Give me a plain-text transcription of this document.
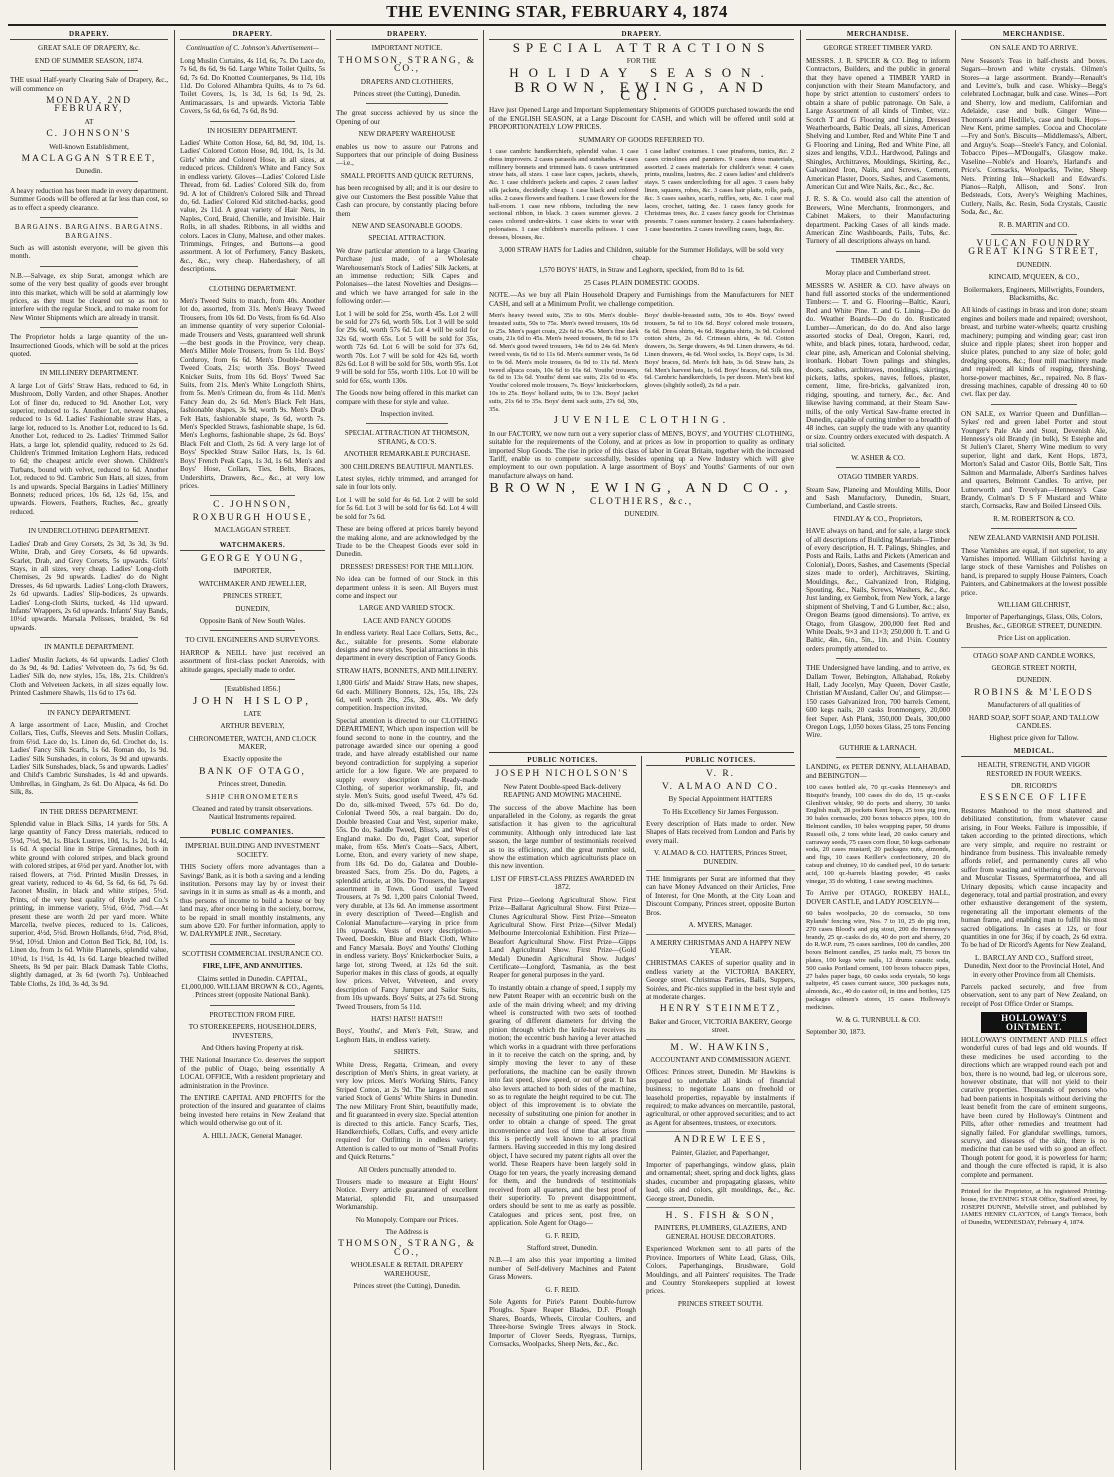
THE EVENING STAR, FEBRUARY 4, 1874
DRAPERY.

GREAT SALE OF DRAPERY, &c.

END OF SUMMER SEASON, 1874.

THE usual Half-yearly Clearing Sale of Drapery, &c., will commence on

MONDAY, 2ND FEBRUARY,

AT

C. JOHNSON'S

Well-known Establishment,

MACLAGGAN STREET,

Dunedin.

A heavy reduction has been made in every department. Summer Goods will be offered at far less than cost, so as to effect a speedy clearance.

BARGAINS. BARGAINS. BARGAINS. BARGAINS.

Such as will astonish everyone, will be given this month.

N.B.—Salvage, ex ship Surat, amongst which are some of the very best quality of goods ever brought into this market, which will be sold at alarmingly low prices, as they must be cleared out so as not to interfere with the regular Stock, and to make room for New Winter Shipments which are already in transit.

The Proprietor holds a large quantity of the un-Insurrectioned Goods, which will be sold at the prices quoted.

IN MILLINERY DEPARTMENT.

A large Lot of Girls' Straw Hats, reduced to 6d, in Mushroom, Dolly Varden, and other Shapes. Another Lot of finer do, reduced to 9d. Another Lot, very superior, reduced to 1s. Another Lot, newest shapes, reduced to 1s 6d. Ladies' Fashionable straw Hats, a large lot, reduced to 1s. Another Lot, reduced to 1s 6d. Another Lot, reduced to 2s. Ladies' Trimmed Sailor Hats, a large lot, splendid quality, reduced to 2s 6d. Children's Trimmed Imitation Leghorn Hats, reduced to 6d; the cheapest article ever shown. Children's Turbans, bound with velvet, reduced to 6d. Another Lot, reduced to 9d. Cambric Sun Hats, all sizes, from 1s and upwards. Special Bargains in Ladies' Millinery Bonnets; reduced prices, 10s 6d, 12s 6d, 15s, and upwards. Flowers, Feathers, Ruches, &c., greatly reduced.

IN UNDERCLOTHING DEPARTMENT.

Ladies' Drab and Grey Corsets, 2s 3d, 3s 3d, 3s 9d. White, Drab, and Grey Corsets, 4s 6d upwards. Scarlet, Drab, and Grey Corsets, 5s upwards. Girls' Stays, in all sizes, very cheap. Ladies' Long-cloth Chemises, 2s 9d upwards. Ladies' do do Night Dresses, 4s 6d upwards. Ladies' Long-cloth Drawers, 2s 6d upwards. Ladies' Slip-bodices, 2s upwards. Ladies' Long-cloth Skirts, tucked, 4s 11d upward. Infants' Wrappers, 2s 6d upwards. Infants' Stay Bands, 10½d upwards. Marsala Pelisses, braided, 9s 6d upwards.

IN MANTLE DEPARTMENT.

Ladies' Muslin Jackets, 4s 6d upwards. Ladies' Cloth do 3s 9d, 4s 9d. Ladies' Velveteen do, 7s 6d, 9s 6d. Ladies' Silk do, new styles, 15s, 18s, 21s. Children's Cloth and Velveteen Jackets, in all sizes equally low. Printed Cashmere Shawls, 11s 6d to 17s 6d.

IN FANCY DEPARTMENT.

A large assortment of Lace, Muslin, and Crochet Collars, Ties, Cuffs, Sleeves and Sets. Muslin Collars, from 6½d. Lace do, 1s. Linen do, 6d. Crochet do, 1s. Ladies' Fancy Silk Scarfs, 1s 6d. Roman do, 1s 9d. Ladies' Silk Sunshades, in colors, 3s 9d and upwards. Ladies' Silk Sunshades, black, 5s and upwards. Ladies' and Child's Cambric Sunshades, 1s 4d and upwards. Umbrellas, in Gingham, 2s 6d. Do Alpaca, 4s 6d. Do Silk, 8s.

IN THE DRESS DEPARTMENT.

Splendid value in Black Silks, 14 yards for 50s. A large quantity of Fancy Dress materials, reduced to 5½d, 7½d, 9d, 1s. Black Lustres, 10d, 1s, 1s 2d, 1s 4d, 1s 6d. A special line in Stripe Grenadines, both in white ground with colored stripes, and black ground with colored stripes, at 6½d per yard. Another lot, with raised flowers, at 7½d. Printed Muslin Dresses, in great variety, reduced to 4s 6d, 5s 6d, 6s 6d, 7s 6d. Jaconet Muslin, in black and white stripes, 5½d. Prints, of the very best quality of Hoyle and Co.'s printing, in immense variety, 5½d, 6½d, 7½d.—At present these are worth 2d per yard more. White Marcella, twelve pieces, reduced to 1s. Calicoes, superior, 4½d, 5½d. Brown Hollands, 6½d, 7½d, 8½d, 9½d, 10½d. Union and Cotton Bed Tick, 8d, 10d, 1s. Linen do, from 1s 6d. White Flannels, splendid value, 10½d, 1s 1½d, 1s 4d, 1s 6d. Large bleached twilled Sheets, 8s 9d per pair. Black Damask Table Cloths, slightly damaged, at 3s 6d (worth 7s). Unbleached Table Cloths, 2s 10d, 3s 4d, 3s 9d.

DRAPERY.

Continuation of C. Johnson's Advertisement—

Long Muslin Curtains, 4s 11d, 6s, 7s. Do Lace do, 7s 6d, 8s 6d, 9s 6d. Large White Toilet Quilts, 5s 6d, 7s 6d. Do Knotted Counterpanes, 9s 11d, 10s 11d. Do Colored Alhambra Quilts, 4s to 7s 6d. Toilet Covers, 1s, 1s 3d, 1s 6d, 1s 9d, 2s. Antimacassars, 1s and upwards. Victoria Table Covers, 5s 6d, 6s 6d, 7s 6d, 8s 9d.

IN HOSIERY DEPARTMENT.

Ladies' White Cotton Hose, 6d, 8d, 9d, 10d, 1s. Ladies' Colored Cotton Hose, 8d, 10d, 1s, 1s 3d. Girls' white and Colored Hose, in all sizes, at reduced prices. Children's White and Fancy Sox in endless variety. Gloves—Ladies' Colored Lisle Thread, from 6d. Ladies' Colored Silk do, from 9d. A lot of Children's Colored Silk and Thread do, 6d. Ladies' Colored Kid stitched-backs, good value, 2s 11d. A great variety of Hair Nets, in Naples, Cord, Braid, Chenille, and Invisible. Hair Rolls, in all shades. Ribbons, in all widths and colors. Laces in Cluny, Maltese, and other makes. Trimmings, Fringes, and Buttons—a good assortment. A lot of Perfumery, Fancy Baskets, &c., &c., very cheap. Haberdashery, of all descriptions.

CLOTHING DEPARTMENT.

Men's Tweed Suits to match, from 40s. Another lot do, assorted, from 31s. Men's Heavy Tweed Trousers, from 10s 6d. Do Vests, from 6s 6d. Also an immense quantity of very superior Colonial-made Trousers and Vests, guaranteed well shrunk—the best goods in the Province, very cheap. Men's Miller Mole Trousers, from 5s 11d. Boys' Corduroy, from 6s 6d. Men's Double-breasted Tweed Coats, 21s; worth 35s. Boys' Tweed Knicker Suits, from 10s 6d. Boys' Tweed Sac Suits, from 21s. Men's White Longcloth Shirts, from 5s. Men's Crimean do, from 4s 11d. Men's Fancy Jean do, 2s 6d. Men's Black Felt Hats, fashionable shapes, 3s 9d, worth 9s. Men's Drab Felt Hats, fashionable shape, 3s 6d, worth 7s. Men's Speckled Straws, fashionable shape, 1s 6d. Men's Leghorns, fashionable shape, 2s 6d. Boys' Black Felt and Cloth, 2s 6d. A very large lot of Boys' Speckled Straw Sailor Hats, 1s, 1s 6d. Boys' French Peak Caps, 1s 3d, 1s 6d. Men's and Boys' Hose, Collars, Ties, Belts, Braces, Undershirts, Drawers, &c., &c., at very low prices.

C. JOHNSON,

ROXBURGH HOUSE,

MACLAGGAN STREET.

WATCHMAKERS.

GEORGE YOUNG,

IMPORTER,

WATCHMAKER AND JEWELLER,

PRINCES STREET,

DUNEDIN,

Opposite Bank of New South Wales.

TO CIVIL ENGINEERS AND SURVEYORS.

HARROP & NEILL have just received an assortment of first-class pocket Aneroids, with altitude gauges, specially made to order.

[Established 1856.]

JOHN HISLOP,

LATE

ARTHUR BEVERLY,

CHRONOMETER, WATCH, AND CLOCK MAKER,

Exactly opposite the

BANK OF OTAGO,

Princes street, Dunedin.

SHIP CHRONOMETERS

Cleaned and rated by transit observations. Nautical Instruments repaired.

PUBLIC COMPANIES.

IMPERIAL BUILDING AND INVESTMENT SOCIETY.

THIS Society offers more advantages than a Savings' Bank, as it is both a saving and a lending institution. Persons may lay by or invest their savings in it in sums as small as 4s a month, and thus persons of income to build a house or buy land may, after once being in the society, borrow, to be repaid in small monthly instalments, any sum above £20. For further information, apply to W. DALRYMPLE JNR., Secretary.

SCOTTISH COMMERCIAL INSURANCE CO.

FIRE, LIFE, AND ANNUITIES.

Claims settled in Dunedin. CAPITAL, £1,000,000. WILLIAM BROWN & CO., Agents, Princes street (opposite National Bank).

PROTECTION FROM FIRE.

TO STOREKEEPERS, HOUSEHOLDERS, INVESTERS,

And Others having Property at risk.

THE National Insurance Co. deserves the support of the public of Otago, being essentially A LOCAL OFFICE, With a resident proprietary and administration in the Province.

The ENTIRE CAPITAL AND PROFITS for the protection of the insured and guarantee of claims being invested here retains in New Zealand that which would otherwise go out of it.

A. HILL JACK, General Manager.

DRAPERY.

IMPORTANT NOTICE.

THOMSON, STRANG, & CO.,

DRAPERS AND CLOTHIERS,

Princes street (the Cutting), Dunedin.

The great success achieved by us since the Opening of our

NEW DRAPERY WAREHOUSE

enables us now to assure our Patrons and Supporters that our principle of doing Business—i.e.,

SMALL PROFITS AND QUICK RETURNS,

has been recognised by all; and it is our desire to give our Customers the Best possible Value that Cash can procure, by constantly placing before them

NEW AND SEASONABLE GOODS.

SPECIAL ATTRACTION.

We draw particular attention to a large Clearing Purchase just made, of a Wholesale Warehouseman's Stock of Ladies' Silk Jackets, at an immense reduction; Silk Capes and Polonaises—the latest Novelties and Designs—and which we have arranged for sale in the following order:—

Lot 1 will be sold for 25s, worth 45s. Lot 2 will be sold for 27s 6d, worth 50s. Lot 3 will be sold for 29s 6d, worth 57s 6d. Lot 4 will be sold for 32s 6d, worth 65s. Lot 5 will be sold for 35s, worth 72s 6d. Lot 6 will be sold for 37s 6d, worth 70s. Lot 7 will be sold for 42s 6d, worth 82s 6d. Lot 8 will be sold for 50s, worth 95s. Lot 9 will be sold for 55s, worth 110s. Lot 10 will be sold for 65s, worth 130s.

The Goods now being offered in this market can compare with these for style and value.

Inspection invited.

SPECIAL ATTRACTION AT THOMSON, STRANG, & CO.'S.

ANOTHER REMARKABLE PURCHASE.

300 CHILDREN'S BEAUTIFUL MANTLES.

Latest styles, richly trimmed, and arranged for sale in four lots only.

Lot 1 will be sold for 4s 6d. Lot 2 will be sold for 5s 6d. Lot 3 will be sold for 6s 6d. Lot 4 will be sold for 7s 6d.

These are being offered at prices barely beyond the making alone, and are acknowledged by the Trade to be the Cheapest Goods ever sold in Dunedin.

DRESSES! DRESSES! FOR THE MILLION.

No idea can be formed of our Stock in this department unless it is seen. All Buyers must come and inspect our

LARGE AND VARIED STOCK.

LACE AND FANCY GOODS

In endless variety. Real Lace Collars, Setts, &c., &c., suitable for presents. Some elaborate designs and new styles. Special attractions in this department in every description of Fancy Goods.

STRAW HATS, BONNETS, AND MILLINERY.

1,800 Girls' and Maids' Straw Hats, new shapes, 6d each. Millinery Bonnets, 12s, 15s, 18s, 22s 6d, well worth 20s, 25s, 30s, 40s. We defy competition. Inspection invited.

Special attention is directed to our CLOTHING DEPARTMENT, Which upon inspection will be found second to none in the country, and the patronage awarded since our opening a good trade, and have already established our name beyond contradiction for supplying a superior article for a low figure. We are prepared to supply every description of Ready-made Clothing, of superior workmanship, fit, and style. Men's Suits, good useful Tweed, 47s 6d. Do do, silk-mixed Tweed, 57s 6d. Do do, Colonial Tweed 50s, a real bargain. Do do, Double breasted Coat and Vest, superior make, 55s. Do do, Saddle Tweed, Bliss's, and West of England make. Do do, Paget Coat, superior make, from 65s. Men's Coats—Sacs, Albert, Lorne, Eton, and every variety of new shape, from 18s 6d. Do do, Galatea and Double-breasted Sacs, from 25s. Do do, Pagets, a splendid article, at 30s. Do Trousers, the largest assortment in Town. Good useful Tweed Trousers, at 7s 9d. 1,200 pairs Colonial Tweed, very durable, at 13s 6d. An immense assortment in every description of Tweed—English and Colonial Manufacture—varying in price from 10s upwards. Vests of every description—Tweed, Doeskin, Blue and Black Cloth, White and Fancy Marsala. Boys' and Youths' Clothing in endless variety. Boys' Knickerbocker Suits, a large lot, strong Tweed, at 12s 6d the suit. Superior makes in this class of goods, at equally low prices. Velvet, Velveteen, and every description of Fancy Jumper and Sailor Suits, from 10s upwards. Boys' Suits, at 27s 6d. Strong Tweed Trousers, from 5s 11d.

HATS! HATS!! HATS!!!

Boys', Youths', and Men's Felt, Straw, and Leghorn Hats, in endless variety.

SHIRTS.

White Dress, Regatta, Crimean, and every description of Men's Shirts, in great variety, at very low prices. Men's Working Shirts, Fancy Striped Cotton, at 2s 9d. The largest and most varied Stock of Gents' White Shirts in Dunedin. The new Military Front Shirt, beautifully made, and fit guaranteed in every size. Special attention is directed to this article. Fancy Scarfs, Ties, Handkerchiefs, Collars, Cuffs, and every article required for Outfitting in endless variety. Attention is called to our motto of "Small Profits and Quick Returns."

All Orders punctually attended to.

Trousers made to measure at Eight Hours' Notice. Every article guaranteed of excellent Material, splendid Fit, and unsurpassed Workmanship.

No Monopoly. Compare our Prices.

The Address is

THOMSON, STRANG, & CO.,

WHOLESALE & RETAIL DRAPERY WAREHOUSE,

Princes street (the Cutting), Dunedin.

DRAPERY.

SPECIAL ATTRACTIONS

FOR THE

HOLIDAY SEASON.

BROWN, EWING, AND CO.

Have just Opened Large and Important Supplementary Shipments of GOODS purchased towards the end of the ENGLISH SEASON, at a Large Discount for CASH, and which will be offered until sold at PROPORTIONATELY LOW PRICES.

SUMMARY OF GOODS REFERRED TO.

1 case cambric handkerchiefs, splendid value. 1 case dress improvers. 2 cases parasols and sunshades. 4 cases millinery bonnets and trimmed hats. 6 cases untrimmed straw hats, all sizes. 1 case lace capes, jackets, shawls, &c. 1 case children's jackets and capes. 2 cases ladies' silk jackets, decidedly cheap. 1 case black and colored silks. 2 cases flowers and feathers. 1 case flowers for the ball-room. 1 case new ribbons, including the new sectional ribbon, in black. 3 cases summer gloves. 2 cases colored under-skirts. 1 case skirts to wear with polonaises. 1 case children's marcella pelisses. 1 case dresses, blouses, &c.
1 case ladies' costumes. 1 case pinafores, tunics, &c. 2 cases crinolines and panniers. 9 cases dress materials, assorted. 2 cases materials for children's wear. 4 cases prints, muslins, lustres, &c. 2 cases ladies' and children's stays. 5 cases underclothing for all ages. 3 cases baby linen, squares, robes, &c. 3 cases hair plaits, rolls, pads, &c. 3 cases sashes, scarfs, ruffles, sets, &c. 1 case real laces, crochet, tatting, &c. 1 cases fancy goods for Christmas trees, &c. 2 cases fancy goods for Christmas presents. 7 cases summer hosiery. 2 cases haberdashery. 1 case bassinettes. 2 cases travelling cases, bags, &c.

3,000 STRAW HATS for Ladies and Children, suitable for the Summer Holidays, will be sold very cheap.

1,570 BOYS' HATS, in Straw and Leghorn, speckled, from 8d to 1s 6d.

25 Cases PLAIN DOMESTIC GOODS.

NOTE.—As we buy all Plain Household Drapery and Furnishings from the Manufacturers for NET CASH, and sell at a Minimum Profit, we challenge competition.

Men's heavy tweed suits, 35s to 60s. Men's double-breasted suits, 50s to 75s. Men's tweed trousers, 10s 6d to 25s. Men's paget coats, 22s 6d to 45s. Men's fine dark coats, 21s 6d to 45s. Men's tweed trousers, 8s 6d to 17s 6d. Men's good tweed trousers, 14s 6d to 24s 6d. Men's tweed vests, 6s 6d to 11s 6d. Men's summer vests, 5s 6d to 9s 6d. Men's mole trousers, 6s 9d to 11s 6d. Men's tweed alpaca coats, 10s 6d to 16s 6d. Youths' trousers, 6s 6d to 13s 6d. Youths' demi sac suits, 21s 6d to 45s. Youths' colored mole trousers, 7s. Boys' knickerbockers, 10s to 25s. Boys' holland suits, 9s to 13s. Boys' jacket suits, 21s 6d to 35s. Boys' demi sack suits, 27s 6d, 30s, 35s.
Boys' double-breasted suits, 30s to 40s. Boys' tweed trousers, 5s 6d to 10s 6d. Boys' colored mole trousers, 6s 6d. Dress shirts, 4s 6d. Regatta shirts, 3s 9d. Colored cotton shirts, 2s 6d. Crimean shirts, 4s 6d. Cotton drawers, 3s. Serge drawers, 4s 9d. Linen drawers, 4s 6d. Linen drawers, 4s 6d. Wool socks, 1s. Boys' caps, 1s 3d. Boys' braces, 6d. Men's felt hats, 3s 6d. Straw hats, 2s 6d. Men's harvest hats, 1s 6d. Boys' braces, 6d. Silk ties, 6d. Cambric handkerchiefs, 1s per dozen. Men's best kid gloves (slightly soiled), 2s 6d a pair.

JUVENILE CLOTHING.

In our FACTORY, we now turn out a very superior class of MEN'S, BOYS', and YOUTHS' CLOTHING, suitable for the requirements of the Colony, and at prices as low in proportion to quality as ordinary imported Slop Goods. The rise in price of this class of labor in Great Britain, together with the increased Tariff, enable us to compete successfully, besides opening up a New Industry which will give employment to our own population. A large assortment of Boys' and Youths' Garments of our own manufacture always on hand.

BROWN, EWING, AND CO.,

CLOTHIERS, &c.,

DUNEDIN.

PUBLIC NOTICES.

JOSEPH NICHOLSON'S

New Patent Double-speed Back-delivery REAPING AND MOWING MACHINE.

The success of the above Machine has been unparalleled in the Colony, as regards the great satisfaction it has given to the agricultural community. Although only introduced late last season, the large number of testimonials received as to its efficiency, and the great number sold, show the estimation which agriculturists place on this new invention.

LIST OF FIRST-CLASS PRIZES AWARDED IN 1872.

First Prize—Geelong Agricultural Show. First Prize—Ballarat Agricultural Show. First Prize—Clunes Agricultural Show. First Prize—Smeaton Agricultural Show. First Prize—(Silver Medal) Melbourne Intercolonial Exhibition. First Prize—Beaufort Agricultural Show. First Prize—Gipps Land Agricultural Show. First Prize—(Gold Medal) Dunedin Agricultural Show. Judges' Certificate—Longford, Tasmania, as the best Reaper for general purposes in the yard.

To instantly obtain a change of speed, I supply my new Patent Reaper with an eccentric bush on the axle of the main driving wheel; and my driving wheel is constructed with two sets of toothed gearing of different diameters for driving the pinion through which the knife-bar receives its motion; the eccentric bush having a lever attached which works in a quadrant with three perforations in it to receive the catch on the spring, and, by simply moving the lever to any of these perforations, the machine can be easily thrown into fast speed, slow speed, or out of gear. It has also levers attached to both sides of the machine, so as to regulate the height required to be cut. The object of this improvement is to obviate the necessity of substituting one pinion for another in order to obtain a change of speed. The great inconvenience and loss of time that arises from this is perfectly well known to all practical farmers. Having succeeded in this my long desired object, I have secured my patent rights all over the world. These Reapers have been largely sold in Otago for ten years, the yearly increasing demand for them, and the hundreds of testimonials received from all quarters, and the best proof of their superiority. To prevent disappointment, orders should be sent to me as early as possible. Catalogues and prices sent, post free, on application. Sole Agent for Otago—

G. F. REID,

Stafford street, Dunedin.

N.B.—I am also this year importing a limited number of Self-delivery Machines and Patent Grass Mowers.

G. F. REID.

Sole Agents for Pirie's Patent Double-furrow Ploughs. Spare Reaper Blades, D.F. Plough Shares, Boards, Wheels, Circular Coulters, and Three-horse Swingle Trees always in Stock. Importer of Clover Seeds, Ryegrass, Turnips, Cornsacks, Woolpacks, Sheep Nets, &c., &c.

PUBLIC NOTICES.

V. R.

V. ALMAO AND CO.

By Special Appointment HATTERS

To His Excellency Sir James Fergusson.

Every description of Hats made to order. New Shapes of Hats received from London and Paris by every mail.

V. ALMAO & CO. HATTERS, Princes Street, DUNEDIN.

THE Immigrants per Surat are informed that they can have Money Advanced on their Articles, Free of Interest, for One Month, at the City Loan and Discount Company, Princes street, opposite Burton Bros.

A. MYERS, Manager.

A MERRY CHRISTMAS AND A HAPPY NEW YEAR.

CHRISTMAS CAKES of superior quality and in endless variety at the VICTORIA BAKERY, George street. Christmas Parties, Balls, Suppers, Soirées, and Pic-nics supplied in the best style and at moderate charges.

HENRY STEINMETZ,

Baker and Grocer, VICTORIA BAKERY, George street.

M. W. HAWKINS,

ACCOUNTANT AND COMMISSION AGENT.

Offices: Princes street, Dunedin. Mr Hawkins is prepared to undertake all kinds of financial business; to negotiate Loans on freehold or leasehold properties, repayable by instalments if required; to make advances on mercantile, pastoral, agricultural, or other approved securities; and to act as Agent for absentees, trustees, or executors.

ANDREW LEES,

Painter, Glazier, and Paperhanger,

Importer of paperhangings, window glass, plain and ornamental; sheet, spring and dock lights, glass shades, cucumber and propagating glasses, white lead, oils and colors, gilt mouldings, &c., &c. George street, Dunedin.

H. S. FISH & SON,

PAINTERS, PLUMBERS, GLAZIERS, AND GENERAL HOUSE DECORATORS.

Experienced Workmen sent to all parts of the Province. Importers of White Lead, Glass, Oils, Colors, Paperhangings, Brushware, Gold Mouldings, and all Painters' requisites. The Trade and Country Storekeepers supplied at lowest prices.

PRINCES STREET SOUTH.

MERCHANDISE.

GEORGE STREET TIMBER YARD.

MESSRS. J. R. SPICER & CO. Beg to inform Contractors, Builders, and the public in general that they have opened a TIMBER YARD in conjunction with their Steam Manufactory, and hope by strict attention to customers' orders to obtain a share of public patronage. On Sale, a Large Assortment of all kinds of Timber, viz.: Scotch T and G Flooring and Lining, Dressed Weatherboards, Baltic Deals, all sizes, American Shelving and Lumber, Red and White Pine T and G Flooring and Lining, Red and White Pine, all sizes and lengths, V.D.L. Hardwood, Palings and Shingles, Architraves, Mouldings, Skirting, &c., Galvanized Iron, Nails, and Screws, Cement, American Plaster, Doors, Sashes, and Casements, American Cut and Wire Nails, &c., &c., &c.

J. R. S. & Co. would also call the attention of Brewers, Wine Merchants, Ironmongers, and Cabinet Makers, to their Manufacturing department. Packing Cases of all kinds made. American Zinc Washboards, Pails, Tubs, &c. Turnery of all descriptions always on hand.

TIMBER YARDS,

Moray place and Cumberland street.

MESSRS W. ASHER & CO. have always on hand full assorted stocks of the undermentioned Timbers:— T. and G. Flooring—Baltic, Kauri, Red and White Pine. T. and G. Lining—Do do do. Weather Boards—Do do do. Rusticated Lumber—American, do do do. And also large assorted stocks of Deal, Oregon, Kauri, red, white, and black pines, totara, hardwood, cedar, clear pine, ash, American and Colonial shelving, ironbark. Hobart Town palings and shingles, doors, sashes, architraves, mouldings, skirtings, pickets, laths, spokes, naves, felloes, plaster, cement, lime, fire-bricks, galvanized iron, ridging, spouting, and turnery, &c., &c. And likewise having command, at their Steam Saw-mills, of the only Vertical Saw-frame erected in Dunedin, capable of cutting timber to a breadth of 48 inches, can supply the trade with any quantity or size. Country orders executed with despatch. A trial solicited.

W. ASHER & CO.

OTAGO TIMBER YARDS.

Steam Saw, Planeing and Moulding Mills, Door and Sash Manufactory, Dunedin, Stuart, Cumberland, and Castle streets.

FINDLAY & CO., Proprietors,

HAVE always on hand, and for sale, a large stock of all descriptions of Building Materials—Timber of every description, H. T. Palings, Shingles, and Posts and Rails, Laths and Pickets (American and Colonial), Doors, Sashes, and Casements (Special sizes made to order), Architraves, Skirting, Mouldings, &c., Galvanized Iron, Ridging, Spouting, &c., Nails, Screws, Washers, &c., &c. Just landing, ex Gembok, from New York, a large shipment of Shelving, T and G Lumber, &c.; also, Oregon Beams (good dimensions). To arrive, ex Otago, from Glasgow, 200,000 feet Red and White Deals, 9×3 and 11×3; 250,000 ft. T. and G Baltic, 4in., 6in., 5in., 1in. and 1¼in. Country orders promptly attended to.

THE Undersigned have landing, and to arrive, ex Dallam Tower, Bebington, Allahabad, Rokeby Hall, Lady Jocelyn, May Queen, Dover Castle, Christian M'Ausland, Caller Ou', and Glimpse:— 150 cases Galvanized Iron, 700 barrels Cement, 600 kegs nails, 20 casks Ironmongery, 20,000 feet Super. Ash Plank, 350,000 Deals, 300,000 Oregon Logs, 1,050 boxes Glass, 25 tons Fencing Wire.

GUTHRIE & LARNACH.

LANDING, ex PETER DENNY, ALLAHABAD, and BEBINGTON—

100 cases bottled ale, 70 qr.-casks Hennessy's and Bisquit's brandy, 100 cases do do do, 15 qr.-casks Glenlivet whisky, 90 do ports and sherry, 30 tanks English malt, 28 pockets Kent hops, 25 tons pig iron, 30 bales cornsacks, 200 boxes tobacco pipes, 100 do Belmont candles, 10 bales wrapping paper, 50 drums Russell oils, 2 tons white lead, 20 casks canary and carraway seeds, 75 cases corn flour, 50 kegs carbonate soda, 20 cases mustard, 20 packages nuts, almonds, and figs, 10 cases Keiller's confectionery, 20 do catsup and chutney, 10 do candied peel, 10 do tartaric acid, 100 qr.-barrels blasting powder, 45 casks vinegar, 35 do whiting, 1 case sewing machines.

To Arrive per OTAGO, ROKEBY HALL, DOVER CASTLE, and LADY JOSCELYN—

60 bales woolpacks, 20 do cornsacks, 50 tons Rylands' fencing wire, Nos. 7 to 10, 25 do pig iron, 270 cases Blood's and pig stout, 200 do Hennessy's brandy, 25 qr.-casks do do, 40 do port and sherry, 20 do R.W.P. rum, 75 cases sardines, 100 do candles, 200 boxes Belmont candles, 25 tanks malt, 75 boxes tin plates, 100 kegs wire nails, 12 drums caustic soda, 500 casks Portland cement, 100 boxes tobacco pipes, 27 bales paper bags, 60 casks soda crystals, 50 kegs saltpetre, 45 cases currant sauce, 300 packages nuts, almonds, &c., 40 do castor oil, in tins and bottles, 125 packages oilmen's stores, 15 cases Holloway's medicines.

W. & G. TURNBULL & CO.

September 30, 1873.

MERCHANDISE.

ON SALE AND TO ARRIVE.

New Season's Teas in half-chests and boxes. Sugars—brown and white crystals. Oilmen's Stores—a large assortment. Brandy—Renault's and Levitte's, bulk and case. Whisky—Begg's celebrated Lochnagar, bulk and case. Wines—Port and Sherry, low and medium, Californian and Adelaide, case and bulk. Ginger Wine—Thomson's and Hedille's, case and bulk. Hops—New Kent, prime samples. Cocoa and Chocolate—Fry and Son's. Biscuits—Middlemass's, Albert, and Arguy's. Soap—Steele's Fancy, and Colonial. Tobacco Pipes—M'Dougall's, Glasgow make. Vaseline—Noble's and Hoare's, Harland's and Price's. Cornsacks, Woolpacks, Twine, Sheep Nets. Printing Ink—Shackell and Edward's. Pianos—Ralph, Allison, and Sons'. Iron Bedsteads, Cots, Avery's Weighing Machines, Cutlery, Nails, &c. Resin, Soda Crystals, Caustic Soda, &c., &c.

R. B. MARTIN and CO.

VULCAN FOUNDRY GREAT KING STREET,

DUNEDIN.

KINCAID, M'QUEEN, & CO.,

Boilermakers, Engineers, Millwrights, Founders, Blacksmiths, &c.

All kinds of castings in brass and iron done; steam engines and boilers made and repaired; overshoot, breast, and turbine water-wheels; quartz crushing machinery; pumping and winding gear; cast iron sluice and ripple plates; sheet iron hopper and sluice plates, punched to any size of hole; gold dredging spoons, &c.; flour mill machinery made and repaired; all kinds of reaping, threshing, horse-power machines, &c., repaired. No. 8 flax-dressing machines, capable of dressing 40 to 60 cwt. flax per day.

ON SALE, ex Warrior Queen and Dunfillan—Sykes' red and green label Porter and stout Younger's Pale Ale and Stout, Devenish Ale, Hennessy's old Brandy (in bulk), St Estephe and St Julien's Claret, Sherry Wine medium to very superior, light and dark, Kent Hops, 1873, Morton's Salad and Castor Oils, Bottle Salt, Tins Salmon and Marmalade, Albert's Sardines halves and quarters, Belmont Candles. To arrive, per Lutterworth and Trevelyan—Hennessy's Case Brandy, Colman's D S F Mustard and White starch, Cornsacks, Raw and Boiled Linseed Oils.

R. M. ROBERTSON & CO.

NEW ZEALAND VARNISH AND POLISH.

These Varnishes are equal, if not superior, to any Varnishes imported. William Gilchrist having a large stock of these Varnishes and Polishes on hand, is prepared to supply House Painters, Coach Painters, and Cabinetmakers at the lowest possible price.

WILLIAM GILCHRIST,

Importer of Paperhangings, Glass, Oils, Colors, Brushes, &c., GEORGE STREET, DUNEDIN.

Price List on application.

OTAGO SOAP AND CANDLE WORKS,

GEORGE STREET NORTH,

DUNEDIN.

ROBINS & M'LEODS

Manufacturers of all qualities of

HARD SOAP, SOFT SOAP, AND TALLOW CANDLES.

Highest price given for Tallow.

MEDICAL.

HEALTH, STRENGTH, AND VIGOR RESTORED IN FOUR WEEKS.

DR. RICORD'S

ESSENCE OF LIFE

Restores Manhood to the most shattered and debilitated constitution, from whatever cause arising, in Four Weeks. Failure is impossible, if taken according to the printed directions, which are very simple, and require no restraint or hindrance from business. This invaluable remedy affords relief, and permanently cures all who suffer from wasting and withering of the Nervous and Muscular Tissues, Spermatorrhoea, and all Urinary deposits, which cause incapacity and degeneracy, total and partial prostration, and every other exhaustive derangement of the system, regenerating all the important elements of the human frame, and enabling man to fulfil his most sacred obligations. In cases at 12s, or four quantities in one for 36s; if by coach, 2s 6d extra. To be had of Dr Ricord's Agents for New Zealand,

L. BARCLAY AND CO., Stafford street, Dunedin, Next door to the Provincial Hotel, And in every other Province from all Chemists.

Parcels packed securely, and free from observation, sent to any part of New Zealand, on receipt of Post Office Order or Stamps.

HOLLOWAY'S OINTMENT.

HOLLOWAY'S OINTMENT AND PILLS effect wonderful cures of bad legs and old wounds. If these medicines be used according to the directions which are wrapped round each pot and box, there is no wound, bad leg, or ulcerous sore, however obstinate, that will not yield to their curative properties. Thousands of persons who had been patients in hospitals without deriving the least benefit from the care of eminent surgeons, have been cured by Holloway's Ointment and Pills, after other remedies and treatment had signally failed. For glandular swellings, tumors, scurvy, and diseases of the skin, there is no medicine that can be used with so good an effect. Though potent for good, it is powerless for harm; and though the cure effected is rapid, it is also complete and permanent.

Printed for the Proprietor, at his registered Printing-house, the EVENING STAR Office, Stafford street, by JOSEPH DUNNE, Melville street, and published by JAMES HENRY CLAYTON, of Lang's Terrace, both of Dunedin, WEDNESDAY, February 4, 1874.
